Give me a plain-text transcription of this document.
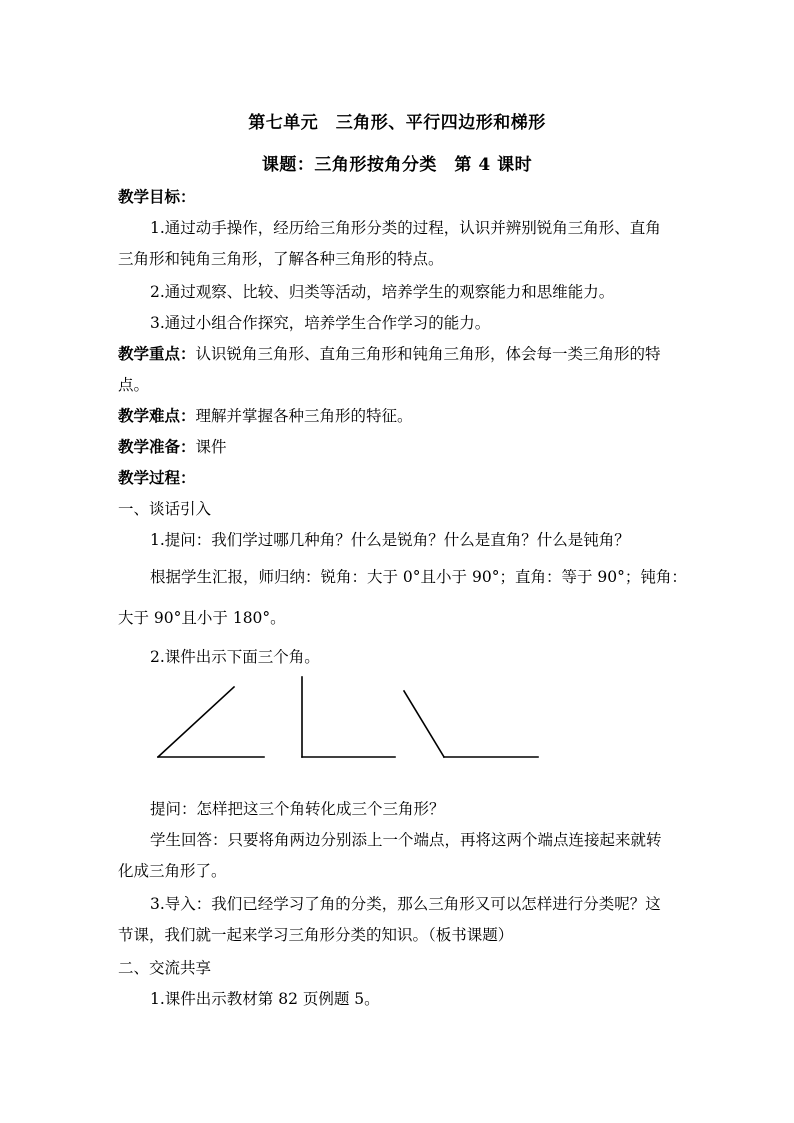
第七单元　三角形、平行四边形和梯形
课题：三角形按角分类　第 4 课时
教学目标：
1.通过动手操作，经历给三角形分类的过程，认识并辨别锐角三角形、直角
三角形和钝角三角形，了解各种三角形的特点。
2.通过观察、比较、归类等活动，培养学生的观察能力和思维能力。
3.通过小组合作探究，培养学生合作学习的能力。
教学重点：认识锐角三角形、直角三角形和钝角三角形，体会每一类三角形的特
点。
教学难点：理解并掌握各种三角形的特征。
教学准备：课件
教学过程：
一、谈话引入
1.提问：我们学过哪几种角？什么是锐角？什么是直角？什么是钝角？
根据学生汇报，师归纳：锐角：大于 0°且小于 90°；直角：等于 90°；钝角：
大于 90°且小于 180°。
2.课件出示下面三个角。
提问：怎样把这三个角转化成三个三角形？
学生回答：只要将角两边分别添上一个端点，再将这两个端点连接起来就转
化成三角形了。
3.导入：我们已经学习了角的分类，那么三角形又可以怎样进行分类呢？这
节课，我们就一起来学习三角形分类的知识。（板书课题）
二、交流共享
1.课件出示教材第 82 页例题 5。
